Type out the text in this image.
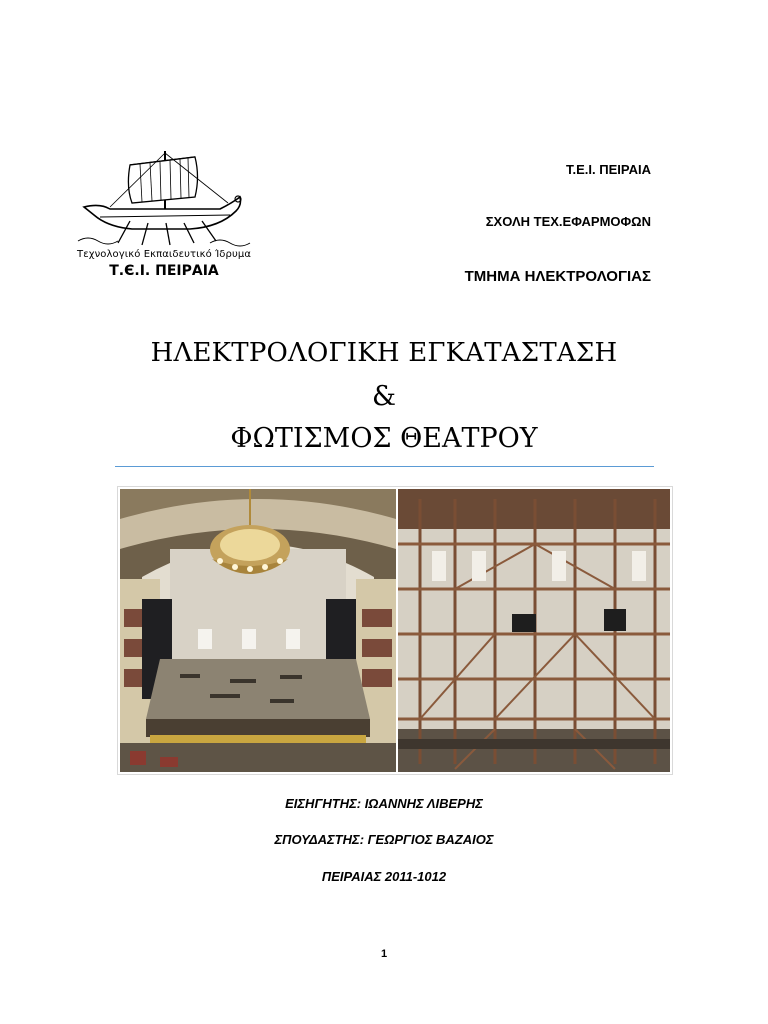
Τεχνολογικό Εκπαιδευτικό Ίδρυμα
Τ.Є.Ι. ΠΕΙΡΑΙΑ
Τ.Ε.Ι. ΠΕΙΡΑΙΑ
ΣΧΟΛΗ ΤΕΧ.ΕΦΑΡΜΟΦΩΝ
ΤΜΗΜΑ ΗΛΕΚΤΡΟΛΟΓΙΑΣ
ΗΛΕΚΤΡΟΛΟΓΙΚΗ ΕΓΚΑΤΑΣΤΑΣΗ
&
ΦΩΤΙΣΜΟΣ ΘΕΑΤΡΟΥ
ΕΙΣΗΓΗΤΗΣ: ΙΩΑΝΝΗΣ ΛΙΒΕΡΗΣ
ΣΠΟΥΔΑΣΤΗΣ: ΓΕΩΡΓΙΟΣ ΒΑΖΑΙΟΣ
ΠΕΙΡΑΙΑΣ 2011-1012
1
